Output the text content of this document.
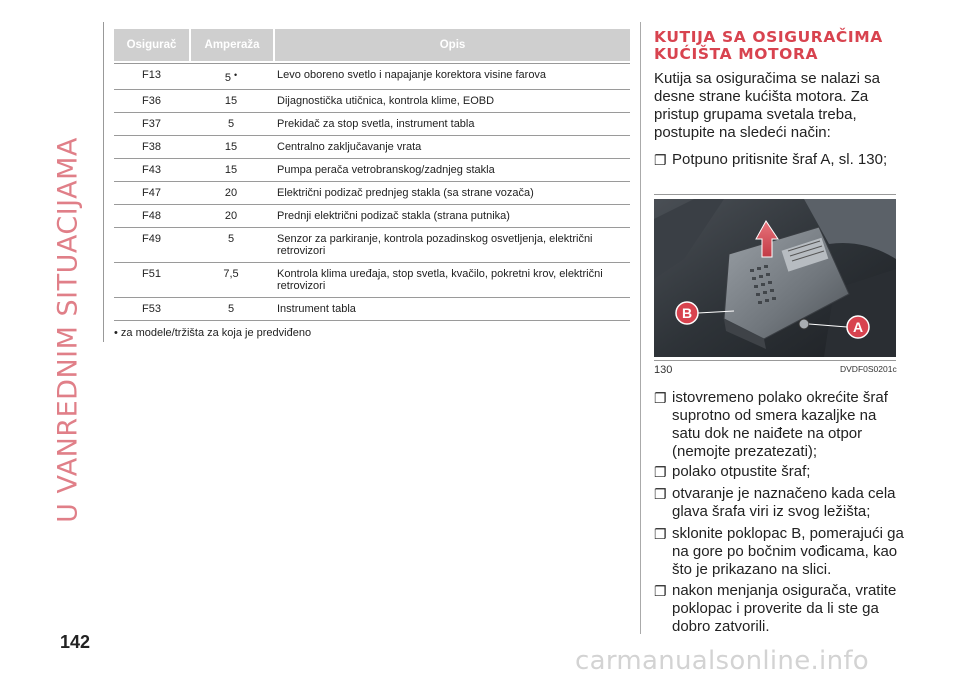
U VANREDNIM SITUACIJAMA
142
Osigurač	Amperaža	Opis
F13	5 •	Levo oboreno svetlo i napajanje korektora visine farova
F36	15	Dijagnostička utičnica, kontrola klime, EOBD
F37	5	Prekidač za stop svetla, instrument tabla
F38	15	Centralno zaključavanje vrata
F43	15	Pumpa perača vetrobranskog/zadnjeg stakla
F47	20	Električni podizač prednjeg stakla (sa strane vozača)
F48	20	Prednji električni podizač stakla (strana putnika)
F49	5	Senzor za parkiranje, kontrola pozadinskog osvetljenja, električni retrovizori
F51	7,5	Kontrola klima uređaja, stop svetla, kvačilo, pokretni krov, električni retrovizori
F53	5	Instrument tabla
• za modele/tržišta za koja je predviđeno
KUTIJA SA OSIGURAČIMA
KUĆIŠTA MOTORA
Kutija sa osiguračima se nalazi sa desne strane kućišta motora. Za pristup grupama svetala treba, postupite na sledeći način:
❐ Potpuno pritisnite šraf A, sl. 130;
A
B
130	DVDF0S0201c
❐ istovremeno polako okrećite šraf suprotno od smera kazaljke na satu dok ne naiđete na otpor (nemojte prezatezati);
❐ polako otpustite šraf;
❐ otvaranje je naznačeno kada cela glava šrafa viri iz svog ležišta;
❐ sklonite poklopac B, pomerajući ga na gore po bočnim vođicama, kao što je prikazano na slici.
❐ nakon menjanja osigurača, vratite poklopac i proverite da li ste ga dobro zatvorili.
carmanualsonline.info
